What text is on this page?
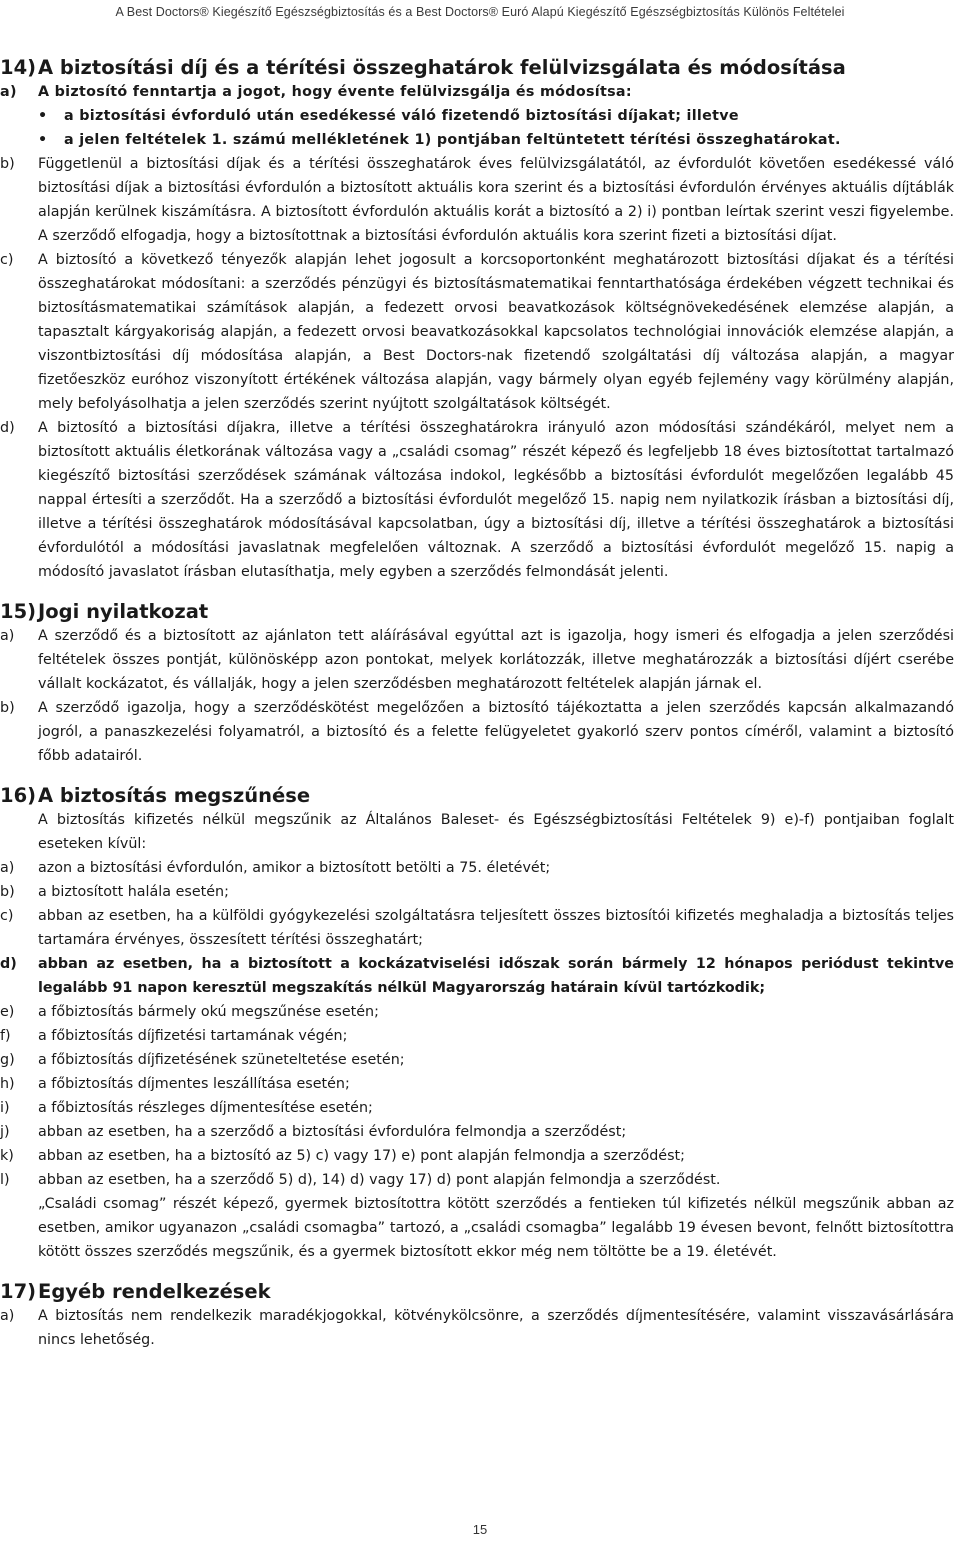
A Best Doctors® Kiegészítő Egészségbiztosítás és a Best Doctors® Euró Alapú Kiegészítő Egészségbiztosítás Különös Feltételei
14)A biztosítási díj és a térítési összeghatárok felülvizsgálata és módosítása
a)	A biztosító fenntartja a jogot, hogy évente felülvizsgálja és módosítsa:
•	a biztosítási évforduló után esedékessé váló fizetendő biztosítási díjakat; illetve
•	a jelen feltételek 1. számú mellékletének 1) pontjában feltüntetett térítési összeghatárokat.
b)	Függetlenül a biztosítási díjak és a térítési összeghatárok éves felülvizsgálatától, az évfordulót követően esedékessé váló biztosítási díjak a biztosítási évfordulón a biztosított aktuális kora szerint és a biztosítási évfordulón érvényes aktuális díjtáblák alapján kerülnek kiszámításra. A biztosított évfordulón aktuális korát a biztosító a 2) i) pontban leírtak szerint veszi figyelembe. A szerződő elfogadja, hogy a biztosítottnak a biztosítási évfordulón aktuális kora szerint fizeti a biztosítási díjat.
c)	A biztosító a következő tényezők alapján lehet jogosult a korcsoportonként meghatározott biztosítási díjakat és a térítési összeghatárokat módosítani: a szerződés pénzügyi és biztosításmatematikai fenntarthatósága érdekében végzett technikai és biztosításmatematikai számítások alapján, a fedezett orvosi beavatkozások költségnövekedésének elemzése alapján, a tapasztalt kárgyakoriság alapján, a fedezett orvosi beavatkozásokkal kapcsolatos technológiai innovációk elemzése alapján, a viszontbiztosítási díj módosítása alapján, a Best Doctors-nak fizetendő szolgáltatási díj változása alapján, a magyar fizetőeszköz euróhoz viszonyított értékének változása alapján, vagy bármely olyan egyéb fejlemény vagy körülmény alapján, mely befolyásolhatja a jelen szerződés szerint nyújtott szolgáltatások költségét.
d)	A biztosító a biztosítási díjakra, illetve a térítési összeghatárokra irányuló azon módosítási szándékáról, melyet nem a biztosított aktuális életkorának változása vagy a „családi csomag” részét képező és legfeljebb 18 éves biztosítottat tartalmazó kiegészítő biztosítási szerződések számának változása indokol, legkésőbb a biztosítási évfordulót megelőzően legalább 45 nappal értesíti a szerződőt. Ha a szerződő a biztosítási évfordulót megelőző 15. napig nem nyilatkozik írásban a biztosítási díj, illetve a térítési összeghatárok módosításával kapcsolatban, úgy a biztosítási díj, illetve a térítési összeghatárok a biztosítási évfordulótól a módosítási javaslatnak megfelelően változnak. A szerződő a biztosítási évfordulót megelőző 15. napig a módosító javaslatot írásban elutasíthatja, mely egyben a szerződés felmondását jelenti.
15)Jogi nyilatkozat
a)	A szerződő és a biztosított az ajánlaton tett aláírásával egyúttal azt is igazolja, hogy ismeri és elfogadja a jelen szerződési feltételek összes pontját, különösképp azon pontokat, melyek korlátozzák, illetve meghatározzák a biztosítási díjért cserébe vállalt kockázatot, és vállalják, hogy a jelen szerződésben meghatározott feltételek alapján járnak el.
b)	A szerződő igazolja, hogy a szerződéskötést megelőzően a biztosító tájékoztatta a jelen szerződés kapcsán alkalmazandó jogról, a panaszkezelési folyamatról, a biztosító és a felette felügyeletet gyakorló szerv pontos címéről, valamint a biztosító főbb adatairól.
16)A biztosítás megszűnése
A biztosítás kifizetés nélkül megszűnik az Általános Baleset- és Egészségbiztosítási Feltételek 9) e)-f) pontjaiban foglalt eseteken kívül:
a)	azon a biztosítási évfordulón, amikor a biztosított betölti a 75. életévét;
b)	a biztosított halála esetén;
c)	abban az esetben, ha a külföldi gyógykezelési szolgáltatásra teljesített összes biztosítói kifizetés meghaladja a biztosítás teljes tartamára érvényes, összesített térítési összeghatárt;
d)	abban az esetben, ha a biztosított a kockázatviselési időszak során bármely 12 hónapos periódust tekintve legalább 91 napon keresztül megszakítás nélkül Magyarország határain kívül tartózkodik;
e)	a főbiztosítás bármely okú megszűnése esetén;
f)	a főbiztosítás díjfizetési tartamának végén;
g)	a főbiztosítás díjfizetésének szüneteltetése esetén;
h)	a főbiztosítás díjmentes leszállítása esetén;
i)	a főbiztosítás részleges díjmentesítése esetén;
j)	abban az esetben, ha a szerződő a biztosítási évfordulóra felmondja a szerződést;
k)	abban az esetben, ha a biztosító az 5) c) vagy 17) e) pont alapján felmondja a szerződést;
l)	abban az esetben, ha a szerződő 5) d), 14) d) vagy 17) d) pont alapján felmondja a szerződést.
„Családi csomag” részét képező, gyermek biztosítottra kötött szerződés a fentieken túl kifizetés nélkül megszűnik abban az esetben, amikor ugyanazon „családi csomagba” tartozó, a „családi csomagba” legalább 19 évesen bevont, felnőtt biztosítottra kötött összes szerződés megszűnik, és a gyermek biztosított ekkor még nem töltötte be a 19. életévét.
17)Egyéb rendelkezések
a)	A biztosítás nem rendelkezik maradékjogokkal, kötvénykölcsönre, a szerződés díjmentesítésére, valamint visszavásárlására nincs lehetőség.
15
